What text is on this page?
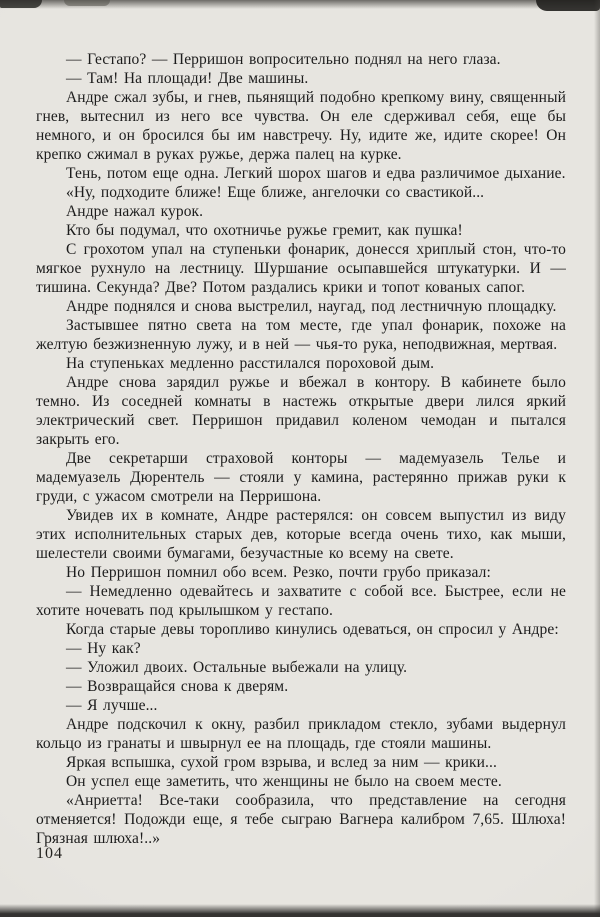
— Гестапо? — Перришон вопросительно поднял на него глаза.

— Там! На площади! Две машины.

Андре сжал зубы, и гнев, пьянящий подобно крепкому вину, священный гнев, вытеснил из него все чувства. Он еле сдерживал себя, еще бы немного, и он бросился бы им навстречу. Ну, идите же, идите скорее! Он крепко сжимал в руках ружье, держа палец на курке.

Тень, потом еще одна. Легкий шорох шагов и едва различимое дыхание.

«Ну, подходите ближе! Еще ближе, ангелочки со свастикой...

Андре нажал курок.

Кто бы подумал, что охотничье ружье гремит, как пушка!

С грохотом упал на ступеньки фонарик, донесся хриплый стон, что-то мягкое рухнуло на лестницу. Шуршание осыпавшейся штукатурки. И — тишина. Секунда? Две? Потом раздались крики и топот кованых сапог.

Андре поднялся и снова выстрелил, наугад, под лестничную площадку.

Застывшее пятно света на том месте, где упал фонарик, похоже на желтую безжизненную лужу, и в ней — чья-то рука, неподвижная, мертвая.

На ступеньках медленно расстилался пороховой дым.

Андре снова зарядил ружье и вбежал в контору. В кабинете было темно. Из соседней комнаты в настежь открытые двери лился яркий электрический свет. Перришон придавил коленом чемодан и пытался закрыть его.

Две секретарши страховой конторы — мадемуазель Телье и мадемуазель Дюрентель — стояли у камина, растерянно прижав руки к груди, с ужасом смотрели на Перришона.

Увидев их в комнате, Андре растерялся: он совсем выпустил из виду этих исполнительных старых дев, которые всегда очень тихо, как мыши, шелестели своими бумагами, безучастные ко всему на свете.

Но Перришон помнил обо всем. Резко, почти грубо приказал:

— Немедленно одевайтесь и захватите с собой все. Быстрее, если не хотите ночевать под крылышком у гестапо.

Когда старые девы торопливо кинулись одеваться, он спросил у Андре:

— Ну как?

— Уложил двоих. Остальные выбежали на улицу.

— Возвращайся снова к дверям.

— Я лучше...

Андре подскочил к окну, разбил прикладом стекло, зубами выдернул кольцо из гранаты и швырнул ее на площадь, где стояли машины.

Яркая вспышка, сухой гром взрыва, и вслед за ним — крики...

Он успел еще заметить, что женщины не было на своем месте.

«Анриетта! Все-таки сообразила, что представление на сегодня отменяется! Подожди еще, я тебе сыграю Вагнера калибром 7,65. Шлюха! Грязная шлюха!..»

104
